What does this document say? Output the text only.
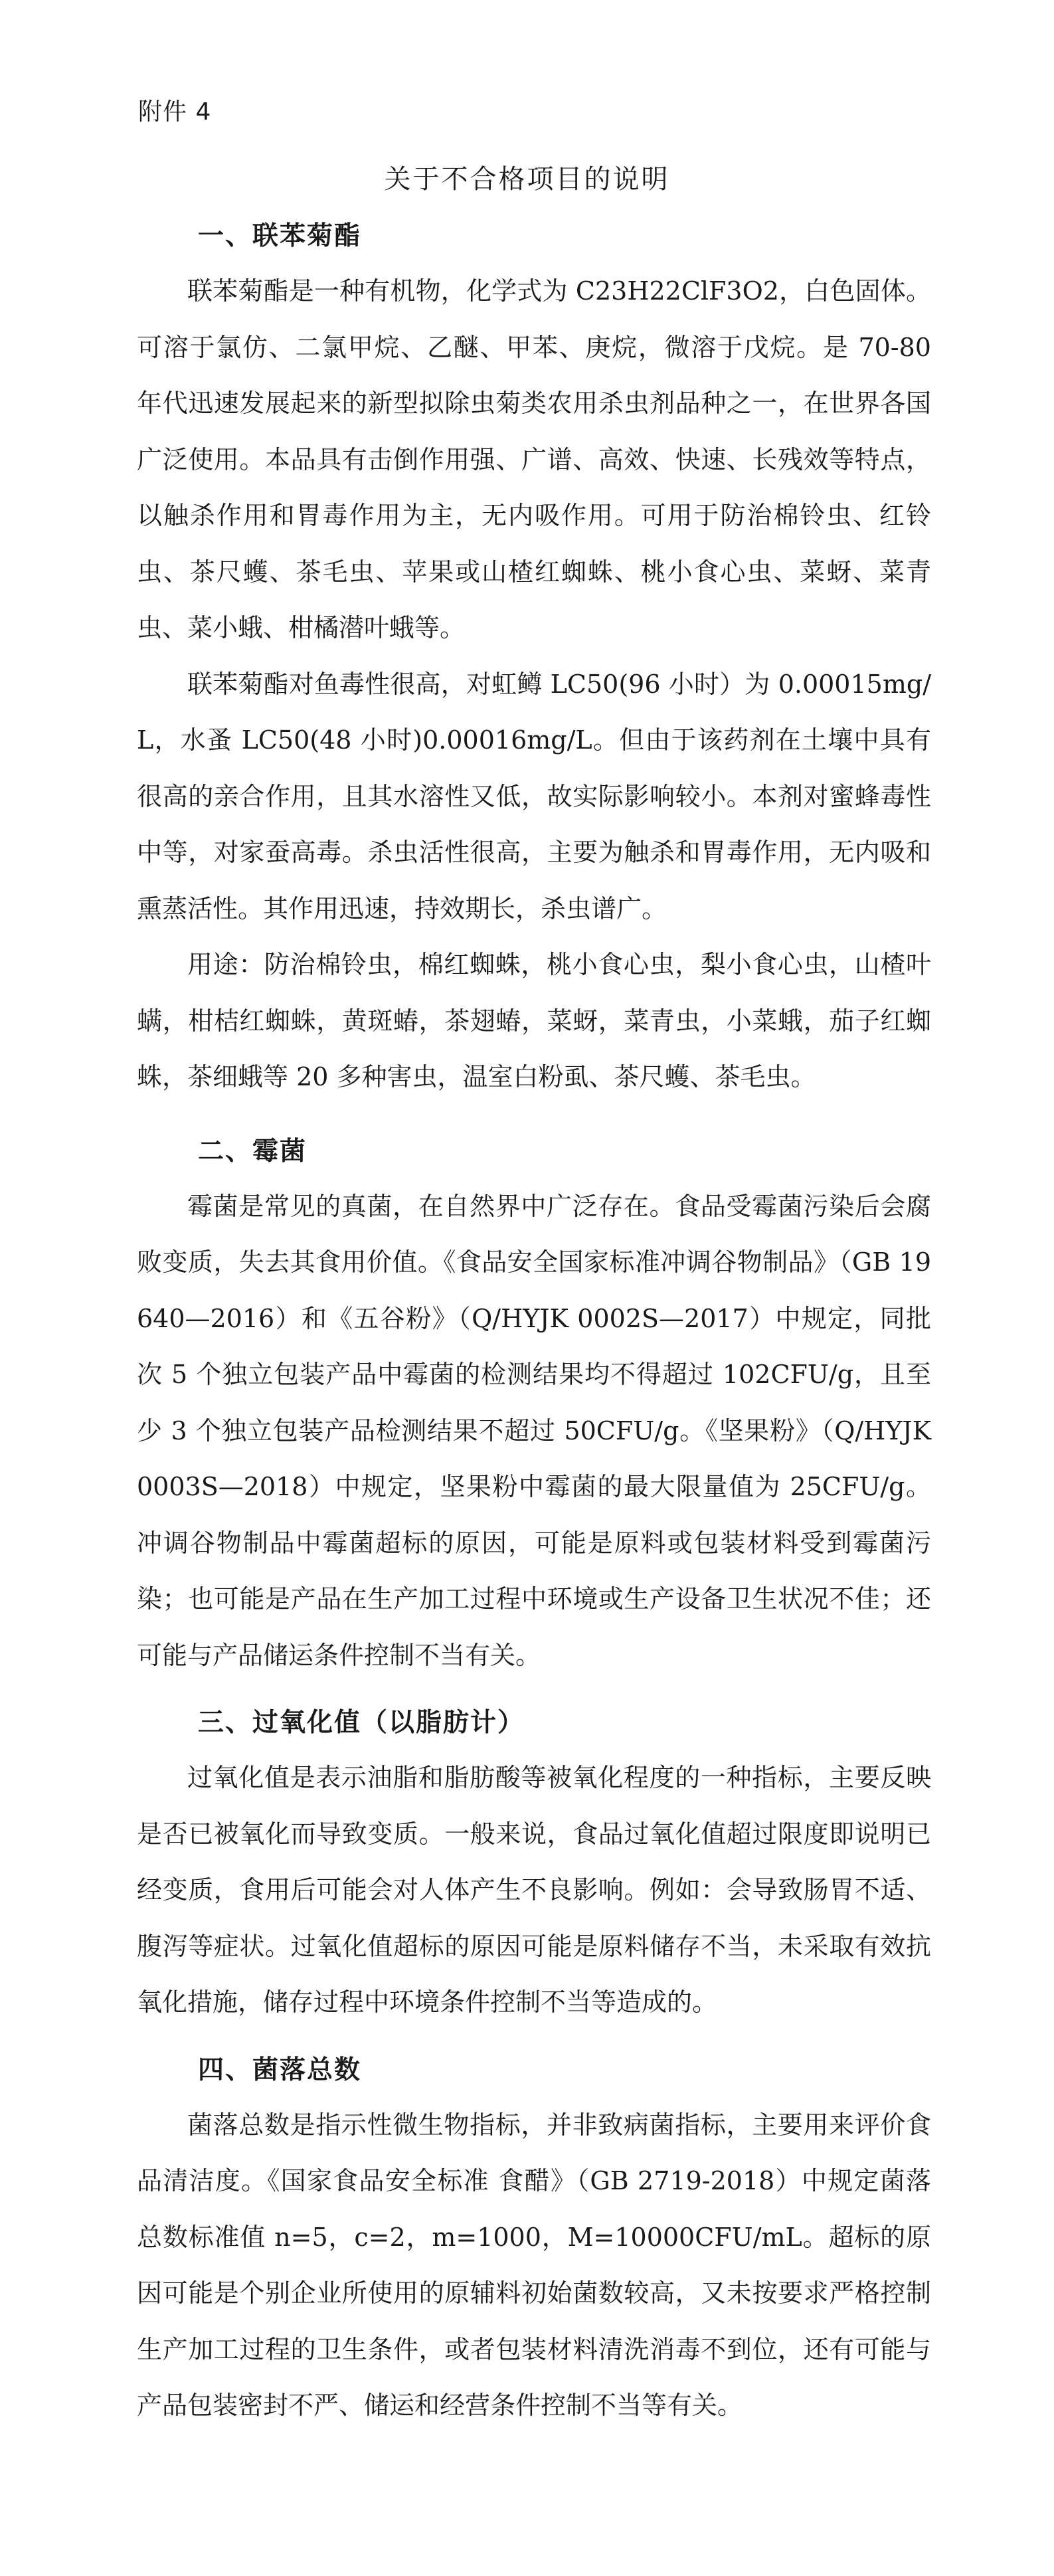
附件 4

关于不合格项目的说明
一、联苯菊酯

联苯菊酯是一种有机物，化学式为 C23H22ClF3O2，白色固体。可溶于氯仿、二氯甲烷、乙醚、甲苯、庚烷，微溶于戊烷。是 70-80 年代迅速发展起来的新型拟除虫菊类农用杀虫剂品种之一，在世界各国广泛使用。本品具有击倒作用强、广谱、高效、快速、长残效等特点，以触杀作用和胃毒作用为主，无内吸作用。可用于防治棉铃虫、红铃虫、茶尺蠖、茶毛虫、苹果或山楂红蜘蛛、桃小食心虫、菜蚜、菜青虫、菜小蛾、柑橘潜叶蛾等。

联苯菊酯对鱼毒性很高，对虹鳟 LC50(96 小时）为 0.00015mg/L，水蚤 LC50(48 小时)0.00016mg/L。但由于该药剂在土壤中具有很高的亲合作用，且其水溶性又低，故实际影响较小。本剂对蜜蜂毒性中等，对家蚕高毒。杀虫活性很高，主要为触杀和胃毒作用，无内吸和熏蒸活性。其作用迅速，持效期长，杀虫谱广。

用途：防治棉铃虫，棉红蜘蛛，桃小食心虫，梨小食心虫，山楂叶螨，柑桔红蜘蛛，黄斑蝽，茶翅蝽，菜蚜，菜青虫，小菜蛾，茄子红蜘蛛，茶细蛾等 20 多种害虫，温室白粉虱、茶尺蠖、茶毛虫。

二、霉菌

霉菌是常见的真菌，在自然界中广泛存在。食品受霉菌污染后会腐败变质，失去其食用价值。《食品安全国家标准冲调谷物制品》（GB 19640—2016）和《五谷粉》（Q/HYJK 0002S—2017）中规定，同批次 5 个独立包装产品中霉菌的检测结果均不得超过 102CFU/g，且至少 3 个独立包装产品检测结果不超过 50CFU/g。《坚果粉》（Q/HYJK 0003S—2018）中规定，坚果粉中霉菌的最大限量值为 25CFU/g。冲调谷物制品中霉菌超标的原因，可能是原料或包装材料受到霉菌污染；也可能是产品在生产加工过程中环境或生产设备卫生状况不佳；还可能与产品储运条件控制不当有关。

三、过氧化值（以脂肪计）

过氧化值是表示油脂和脂肪酸等被氧化程度的一种指标，主要反映是否已被氧化而导致变质。一般来说，食品过氧化值超过限度即说明已经变质，食用后可能会对人体产生不良影响。例如：会导致肠胃不适、腹泻等症状。过氧化值超标的原因可能是原料储存不当，未采取有效抗氧化措施，储存过程中环境条件控制不当等造成的。

四、菌落总数

菌落总数是指示性微生物指标，并非致病菌指标，主要用来评价食品清洁度。《国家食品安全标准 食醋》（GB 2719-2018）中规定菌落总数标准值 n=5，c=2，m=1000，M=10000CFU/mL。超标的原因可能是个别企业所使用的原辅料初始菌数较高，又未按要求严格控制生产加工过程的卫生条件，或者包装材料清洗消毒不到位，还有可能与产品包装密封不严、储运和经营条件控制不当等有关。
